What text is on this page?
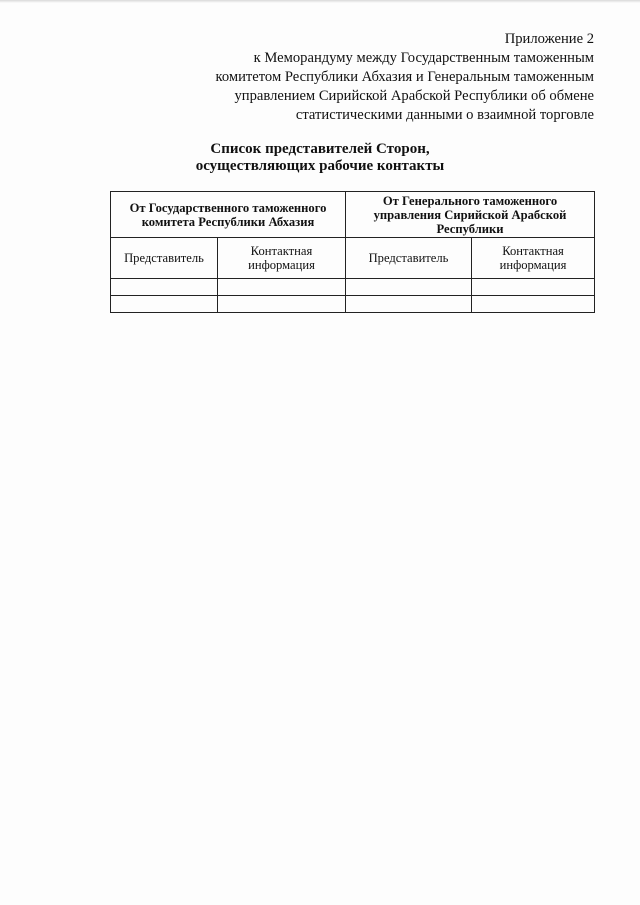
Приложение 2
к Меморандуму между Государственным таможенным
комитетом Республики Абхазия и Генеральным таможенным
управлением Сирийской Арабской Республики об обмене
статистическими данными о взаимной торговле
Список представителей Сторон,
осуществляющих рабочие контакты
От Государственного таможенного комитета Республики Абхазия		От Генерального таможенного управления Сирийской Арабской Республики	
Представитель	Контактная информация	Представитель	Контактная информация
